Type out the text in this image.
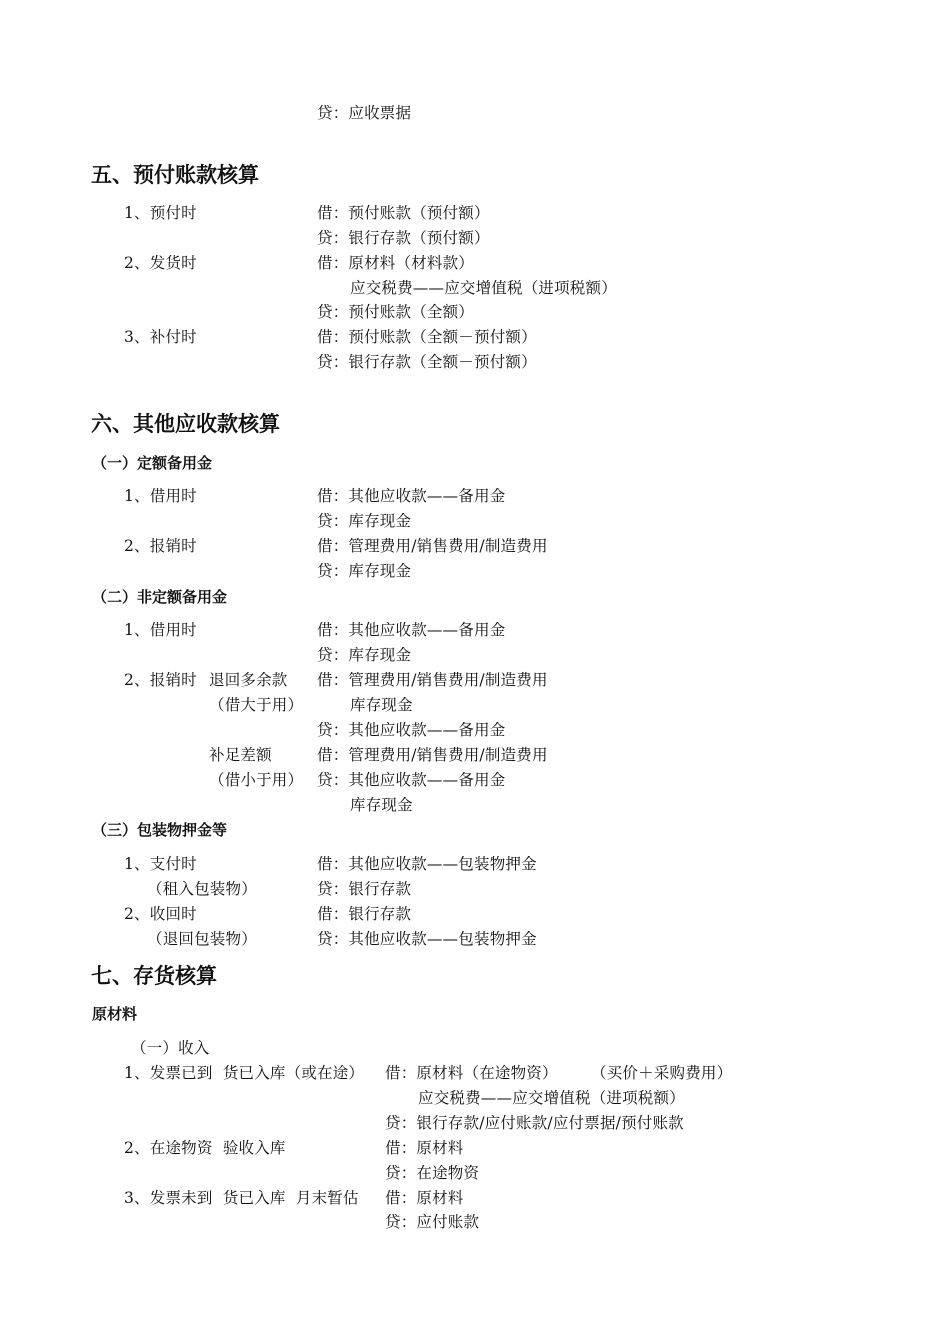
贷：应收票据
五、预付账款核算
1、预付时	借：预付账款（预付额）
贷：银行存款（预付额）
2、发货时	借：原材料（材料款）
应交税费——应交增值税（进项税额）
贷：预付账款（全额）
3、补付时	借：预付账款（全额－预付额）
贷：银行存款（全额－预付额）
六、其他应收款核算
（一）定额备用金
1、借用时	借：其他应收款——备用金
贷：库存现金
2、报销时	借：管理费用/销售费用/制造费用
贷：库存现金
（二）非定额备用金
1、借用时	借：其他应收款——备用金
贷：库存现金
2、报销时 退回多余款 借：管理费用/销售费用/制造费用
（借大于用）	库存现金
贷：其他应收款——备用金
补足差额	借：管理费用/销售费用/制造费用
（借小于用） 贷：其他应收款——备用金
库存现金
（三）包装物押金等
1、支付时	借：其他应收款——包装物押金
（租入包装物）	贷：银行存款
2、收回时	借：银行存款
（退回包装物）	贷：其他应收款——包装物押金
七、存货核算
原材料
（一）收入
1、发票已到  货已入库（或在途） 借：原材料（在途物资） （买价＋采购费用）
应交税费——应交增值税（进项税额）
贷：银行存款/应付账款/应付票据/预付账款
2、在途物资  验收入库	借：原材料
贷：在途物资
3、发票未到  货已入库  月末暂估 借：原材料
贷：应付账款
